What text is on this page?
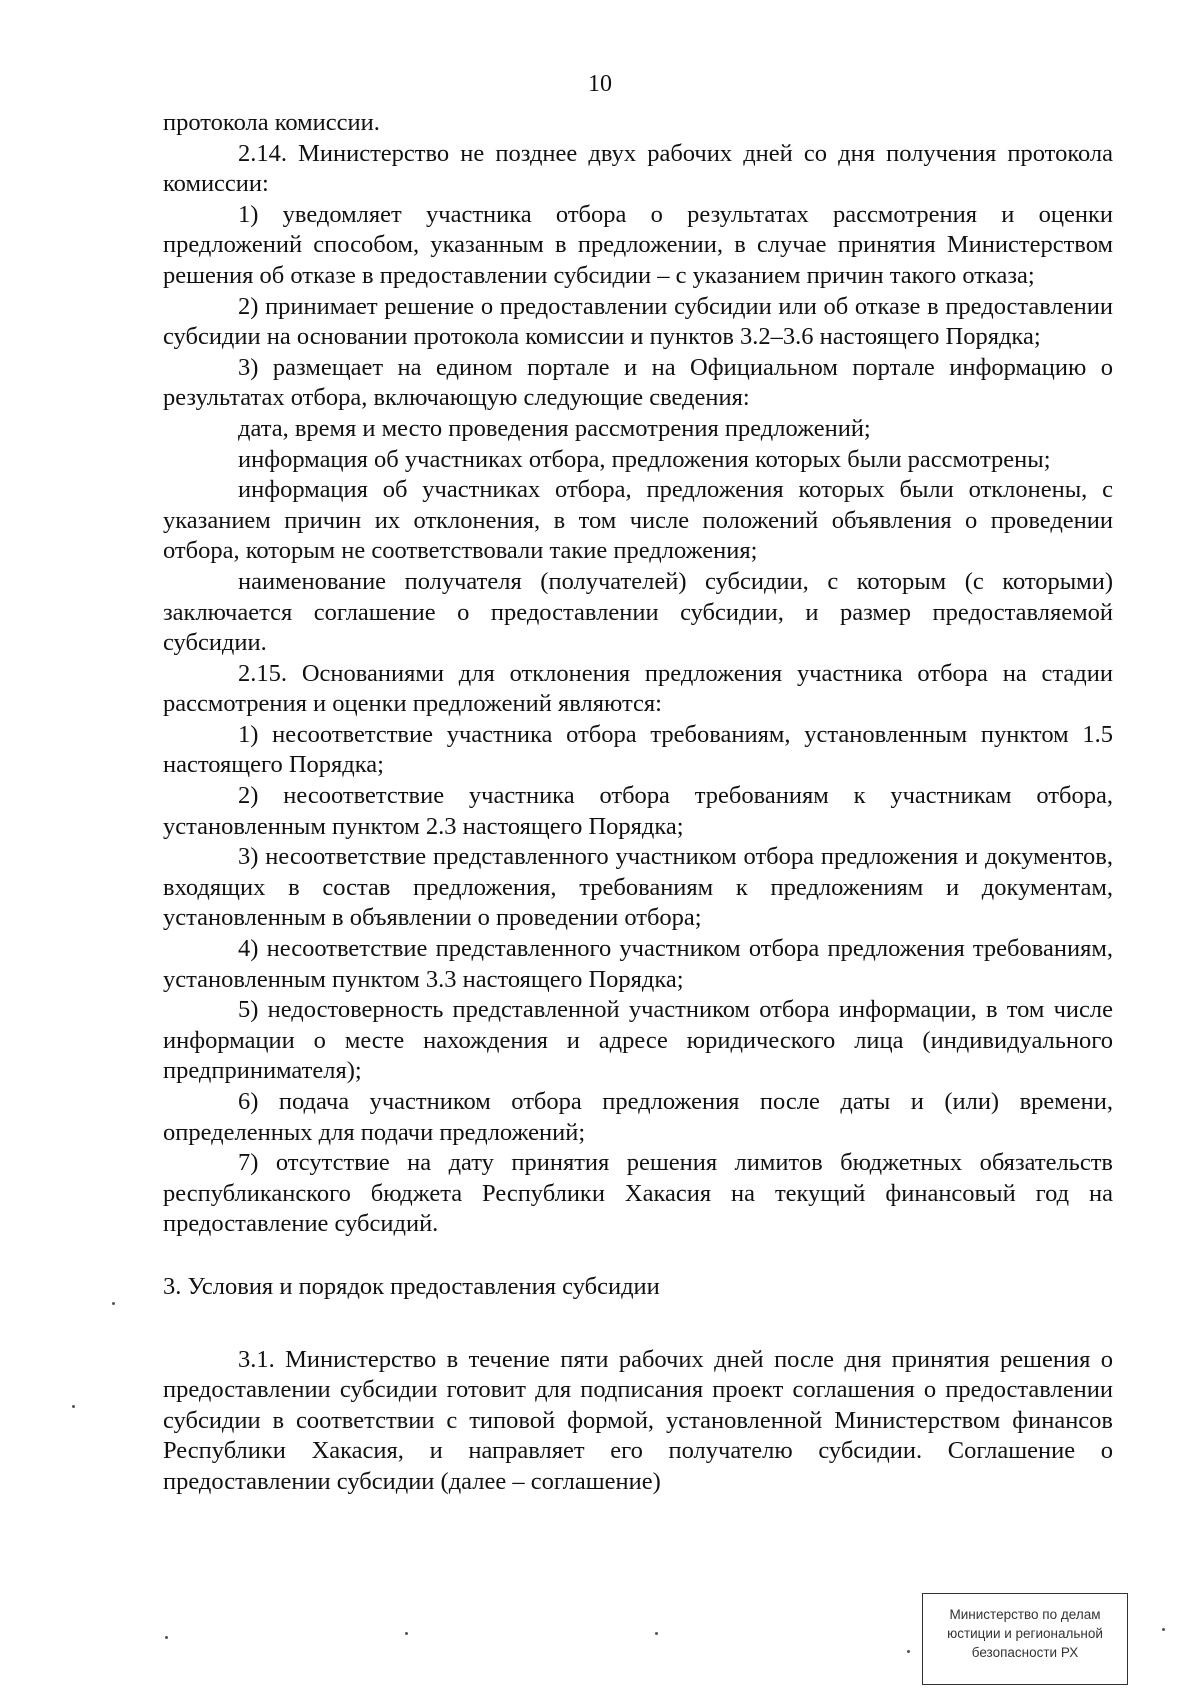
10

протокола комиссии.

2.14. Министерство не позднее двух рабочих дней со дня получения протокола комиссии:

1) уведомляет участника отбора о результатах рассмотрения и оценки предложений способом, указанным в предложении, в случае принятия Министерством решения об отказе в предоставлении субсидии – с указанием причин такого отказа;

2) принимает решение о предоставлении субсидии или об отказе в предоставлении субсидии на основании протокола комиссии и пунктов 3.2–3.6 настоящего Порядка;

3) размещает на едином портале и на Официальном портале информацию о результатах отбора, включающую следующие сведения:

дата, время и место проведения рассмотрения предложений;

информация об участниках отбора, предложения которых были рассмотрены;

информация об участниках отбора, предложения которых были отклонены, с указанием причин их отклонения, в том числе положений объявления о проведении отбора, которым не соответствовали такие предложения;

наименование получателя (получателей) субсидии, с которым (с которыми) заключается соглашение о предоставлении субсидии, и размер предоставляемой субсидии.

2.15. Основаниями для отклонения предложения участника отбора на стадии рассмотрения и оценки предложений являются:

1) несоответствие участника отбора требованиям, установленным пунктом 1.5 настоящего Порядка;

2) несоответствие участника отбора требованиям к участникам отбора, установленным пунктом 2.3 настоящего Порядка;

3) несоответствие представленного участником отбора предложения и документов, входящих в состав предложения, требованиям к предложениям и документам, установленным в объявлении о проведении отбора;

4) несоответствие представленного участником отбора предложения требованиям, установленным пунктом 3.3 настоящего Порядка;

5) недостоверность представленной участником отбора информации, в том числе информации о месте нахождения и адресе юридического лица (индивидуального предпринимателя);

6) подача участником отбора предложения после даты и (или) времени, определенных для подачи предложений;

7) отсутствие на дату принятия решения лимитов бюджетных обязательств республиканского бюджета Республики Хакасия на текущий финансовый год на предоставление субсидий.

3. Условия и порядок предоставления субсидии

3.1. Министерство в течение пяти рабочих дней после дня принятия решения о предоставлении субсидии готовит для подписания проект соглашения о предоставлении субсидии в соответствии с типовой формой, установленной Министерством финансов Республики Хакасия, и направляет его получателю субсидии. Соглашение о предоставлении субсидии (далее – соглашение)

Министерство по делам
юстиции и региональной
безопасности РХ
